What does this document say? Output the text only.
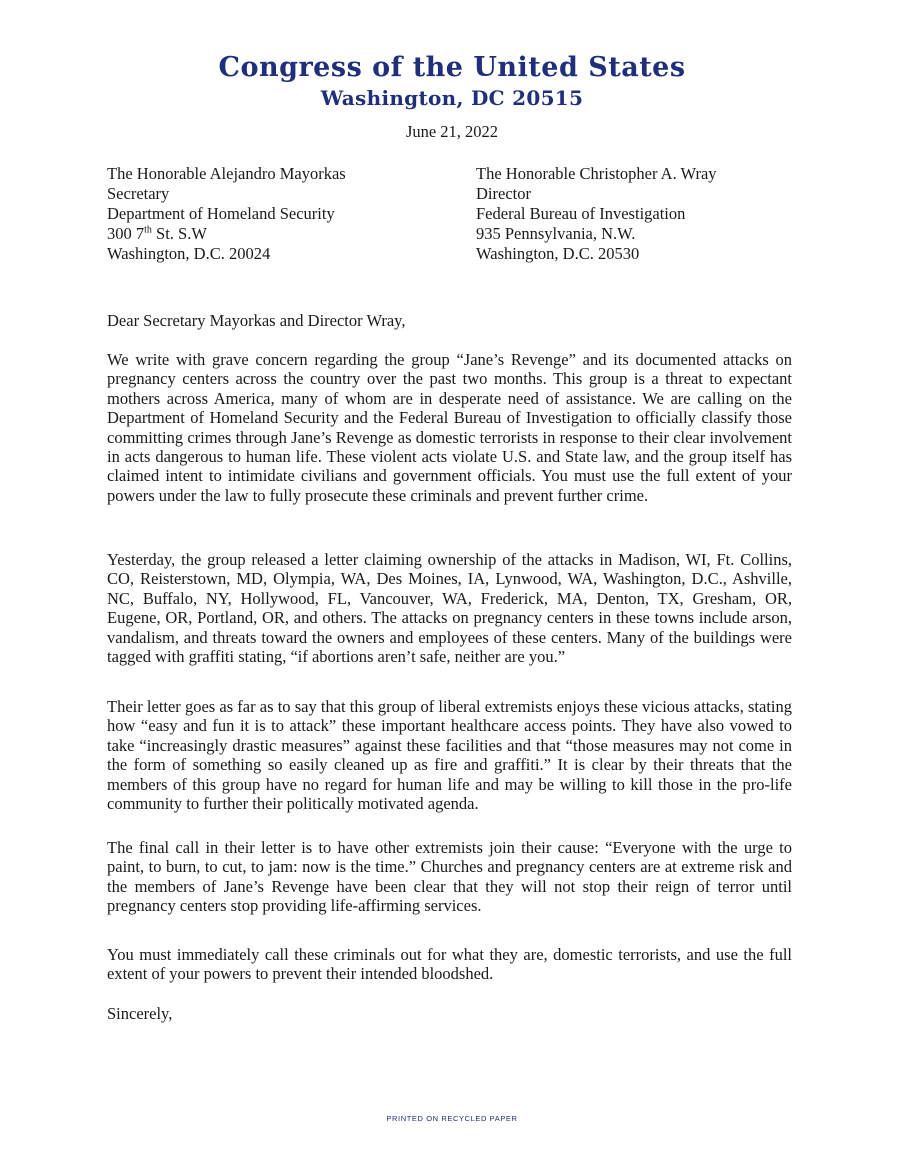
Congress of the United States
Washington, DC 20515
June 21, 2022
The Honorable Alejandro Mayorkas
Secretary
Department of Homeland Security
300 7th St. S.W
Washington, D.C. 20024
The Honorable Christopher A. Wray
Director
Federal Bureau of Investigation
935 Pennsylvania, N.W.
Washington, D.C. 20530
Dear Secretary Mayorkas and Director Wray,

We write with grave concern regarding the group “Jane’s Revenge” and its documented attacks on pregnancy centers across the country over the past two months. This group is a threat to expectant mothers across America, many of whom are in desperate need of assistance. We are calling on the Department of Homeland Security and the Federal Bureau of Investigation to officially classify those committing crimes through Jane’s Revenge as domestic terrorists in response to their clear involvement in acts dangerous to human life. These violent acts violate U.S. and State law, and the group itself has claimed intent to intimidate civilians and government officials. You must use the full extent of your powers under the law to fully prosecute these criminals and prevent further crime.

Yesterday, the group released a letter claiming ownership of the attacks in Madison, WI, Ft. Collins, CO, Reisterstown, MD, Olympia, WA, Des Moines, IA, Lynwood, WA, Washington, D.C., Ashville, NC, Buffalo, NY, Hollywood, FL, Vancouver, WA, Frederick, MA, Denton, TX, Gresham, OR, Eugene, OR, Portland, OR, and others. The attacks on pregnancy centers in these towns include arson, vandalism, and threats toward the owners and employees of these centers. Many of the buildings were tagged with graffiti stating, “if abortions aren’t safe, neither are you.”

Their letter goes as far as to say that this group of liberal extremists enjoys these vicious attacks, stating how “easy and fun it is to attack” these important healthcare access points. They have also vowed to take “increasingly drastic measures” against these facilities and that “those measures may not come in the form of something so easily cleaned up as fire and graffiti.” It is clear by their threats that the members of this group have no regard for human life and may be willing to kill those in the pro-life community to further their politically motivated agenda.

The final call in their letter is to have other extremists join their cause: “Everyone with the urge to paint, to burn, to cut, to jam: now is the time.” Churches and pregnancy centers are at extreme risk and the members of Jane’s Revenge have been clear that they will not stop their reign of terror until pregnancy centers stop providing life-affirming services.

You must immediately call these criminals out for what they are, domestic terrorists, and use the full extent of your powers to prevent their intended bloodshed.

Sincerely,
PRINTED ON RECYCLED PAPER
